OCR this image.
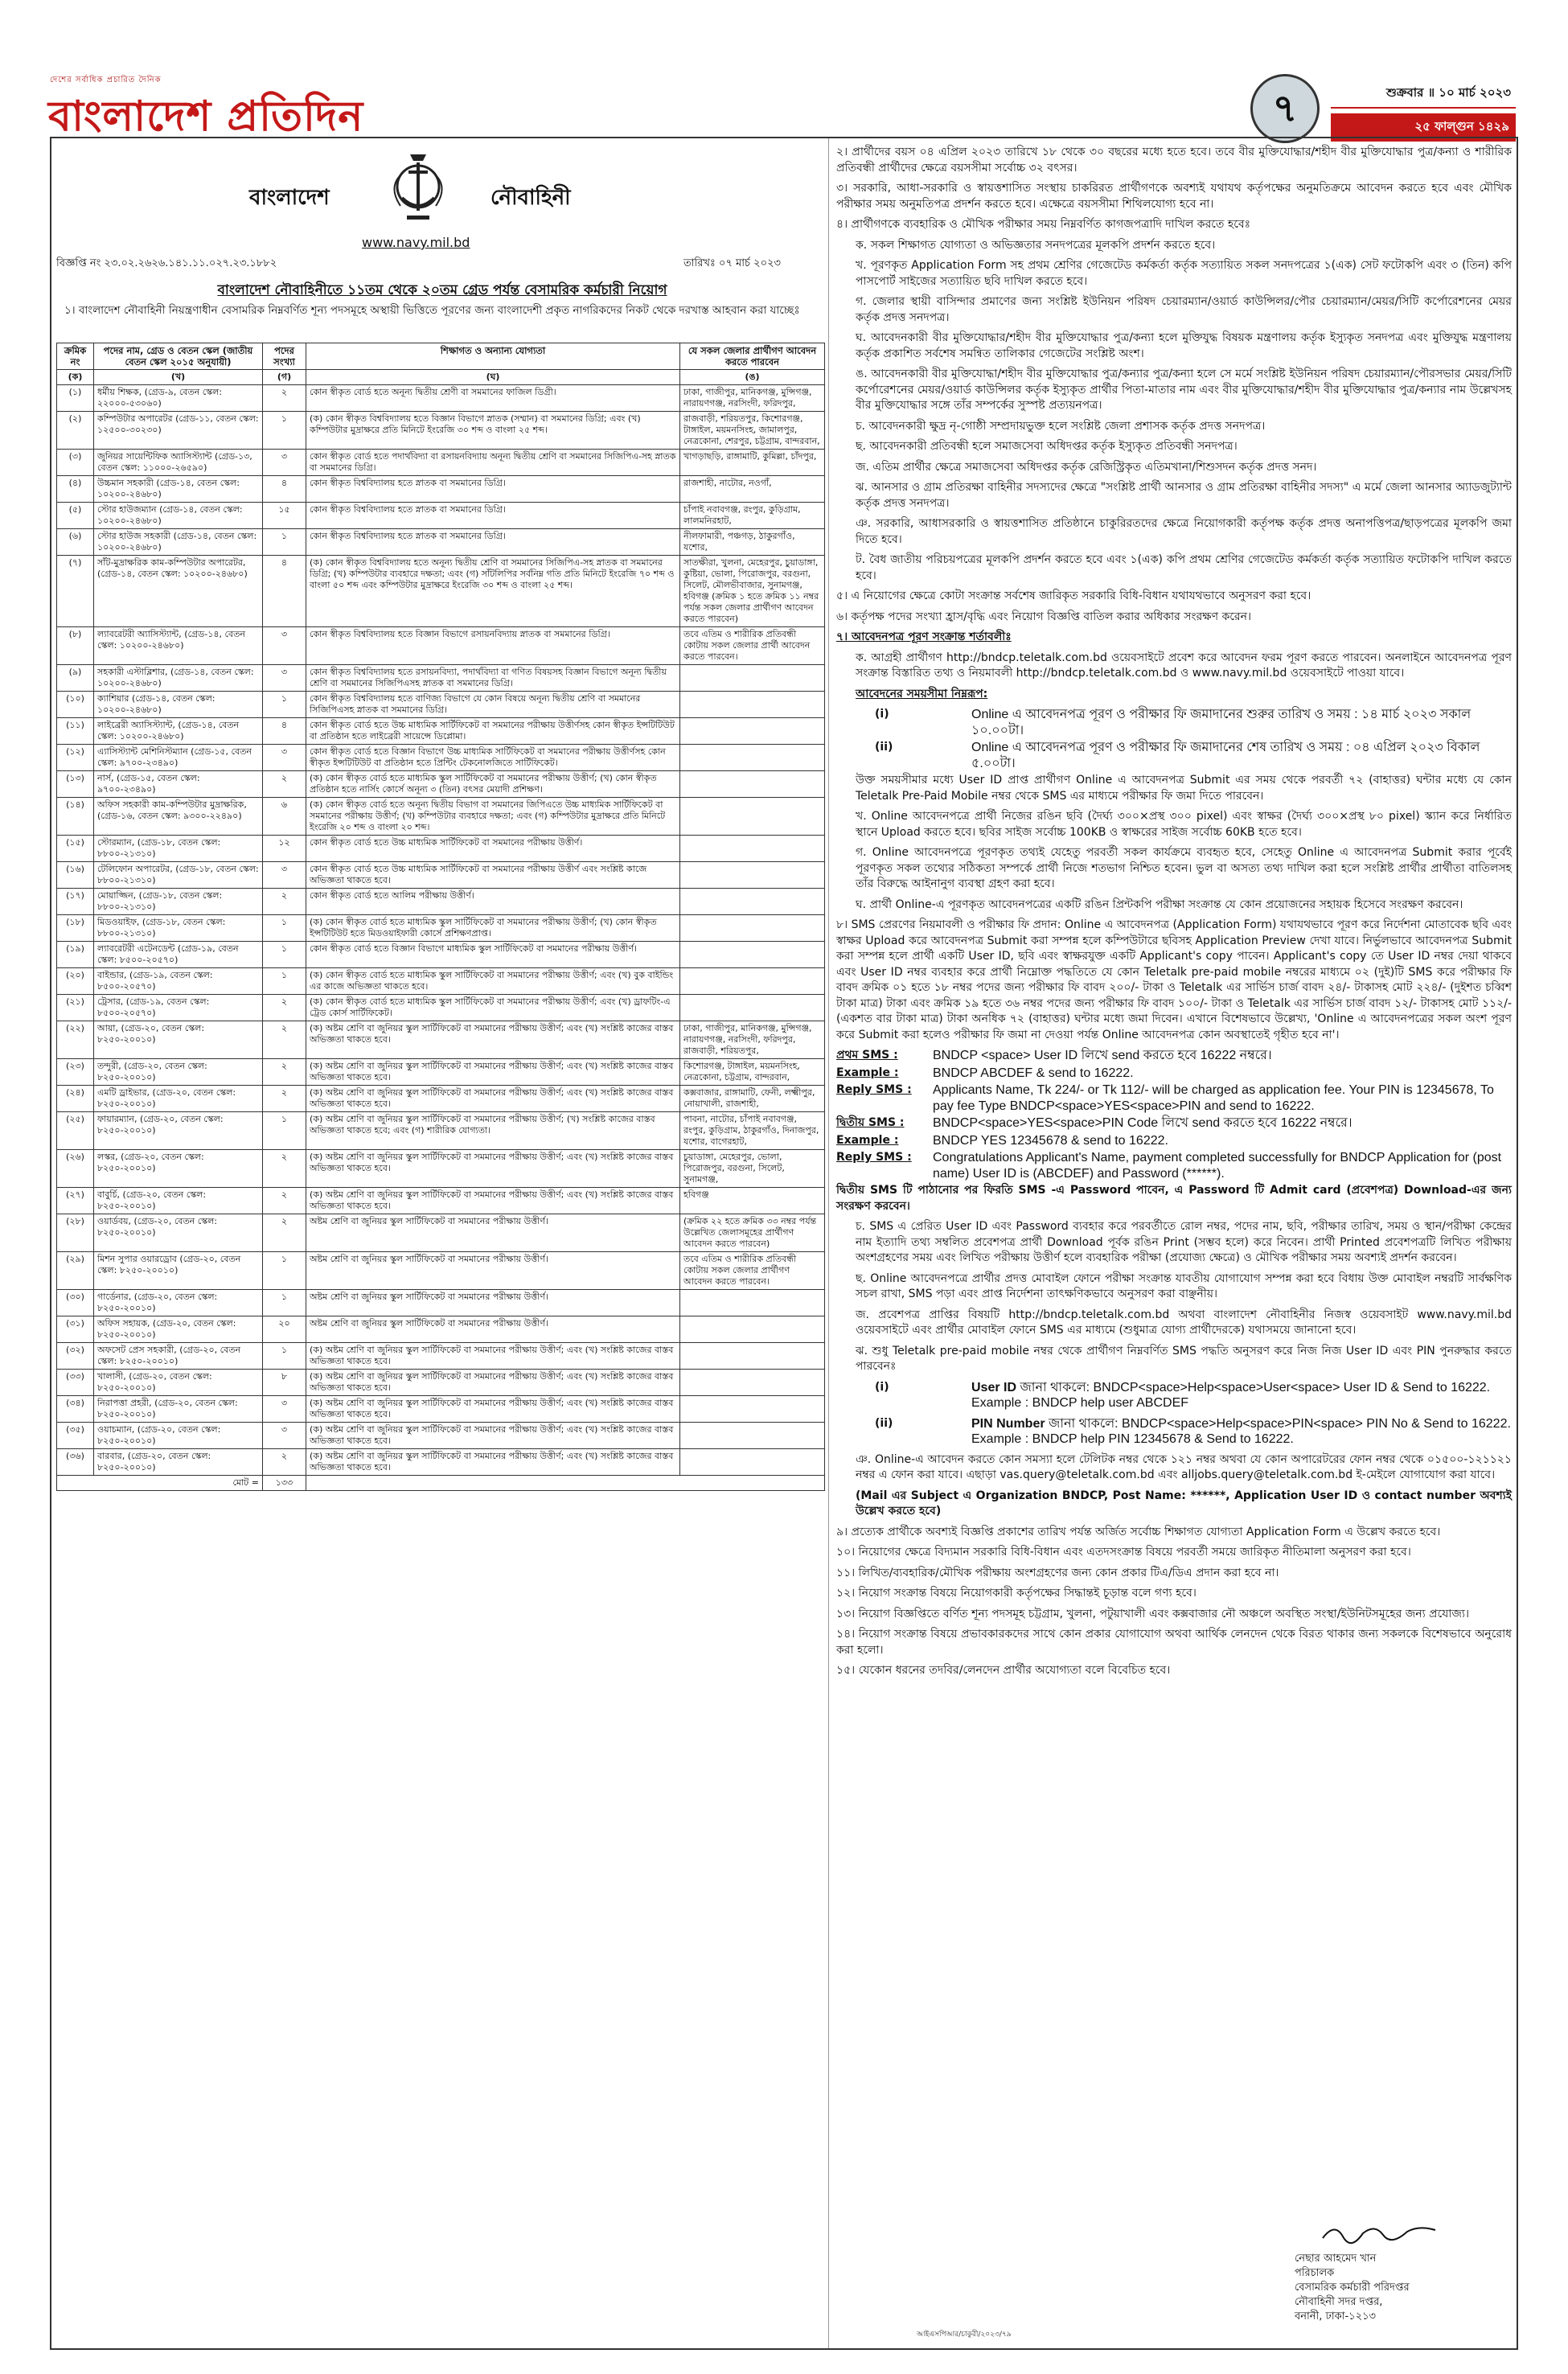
দেশের সর্বাধিক প্রচারিত দৈনিক
বাংলাদেশ প্রতিদিন	৭	শুক্রবার ॥ ১০ মার্চ ২০২৩
২৫ ফাল্গুন ১৪২৯
বাংলাদেশ	নৌবাহিনী
www.navy.mil.bd
বিজ্ঞপ্তি নং ২৩.০২.২৬২৬.১৪১.১১.০২৭.২৩.১৮৮২	তারিখঃ ০৭ মার্চ ২০২৩
বাংলাদেশ নৌবাহিনীতে ১১তম থেকে ২০তম গ্রেড পর্যন্ত বেসামরিক কর্মচারী নিয়োগ
১। বাংলাদেশ নৌবাহিনী নিয়ন্ত্রণাধীন বেসামরিক নিম্নবর্ণিত শূন্য পদসমূহে অস্থায়ী ভিত্তিতে পূরণের জন্য বাংলাদেশী প্রকৃত নাগরিকদের নিকট থেকে দরখাস্ত আহবান করা যাচ্ছেঃ
ক্রমিক নং	পদের নাম, গ্রেড ও বেতন স্কেল (জাতীয় বেতন স্কেল ২০১৫ অনুযায়ী)	পদের সংখ্যা	শিক্ষাগত ও অন্যান্য যোগ্যতা	যে সকল জেলার প্রার্থীগণ আবেদন করতে পারবেন
(ক)	(খ)	(গ)	(ঘ)	(ঙ)
(১)	ধর্মীয় শিক্ষক, (গ্রেড-৯, বেতন স্কেল: ২২০০০-৫৩০৬০)	২	কোন স্বীকৃত বোর্ড হতে অনূন্য দ্বিতীয় শ্রেণী বা সমমানের ফাজিল ডিগ্রী।	ঢাকা, গাজীপুর, মানিকগঞ্জ, মুন্সিগঞ্জ, নারায়ণগঞ্জ, নরসিংদী, ফরিদপুর,
(২)	কম্পিউটার অপারেটর (গ্রেড-১১, বেতন স্কেল: ১২৫০০-৩০২৩০)	১	(ক) কোন স্বীকৃত বিশ্ববিদ্যালয় হতে বিজ্ঞান বিভাগে স্নাতক (সম্মান) বা সমমানের ডিগ্রি; এবং (খ) কম্পিউটার মুদ্রাক্ষরে প্রতি মিনিটে ইংরেজি ৩০ শব্দ ও বাংলা ২৫ শব্দ।	রাজবাড়ী, শরিয়তপুর, কিশোরগঞ্জ, টাঙ্গাইল, ময়মনসিংহ, জামালপুর, নেত্রকোনা, শেরপুর, চট্টগ্রাম, বান্দরবান,
(৩)	জুনিয়র সায়েন্টিফিক অ্যাসিস্ট্যান্ট (গ্রেড-১৩, বেতন স্কেল: ১১০০০-২৬৫৯০)	৩	কোন স্বীকৃত বোর্ড হতে পদার্থবিদ্যা বা রসায়নবিদ্যায় অনূন্য দ্বিতীয় শ্রেণি বা সমমানের সিজিপিএ-সহ স্নাতক বা সমমানের ডিগ্রি।	খাগড়াছড়ি, রাঙ্গামাটি, কুমিল্লা, চাঁদপুর,
(৪)	উচ্চমান সহকারী (গ্রেড-১৪, বেতন স্কেল: ১০২০০-২৪৬৮০)	৪	কোন স্বীকৃত বিশ্ববিদ্যালয় হতে স্নাতক বা সমমানের ডিগ্রি।	রাজশাহী, নাটোর, নওগাঁ,
(৫)	স্টোর হাউজম্যান (গ্রেড-১৪, বেতন স্কেল: ১০২০০-২৪৬৮০)	১৫	কোন স্বীকৃত বিশ্ববিদ্যালয় হতে স্নাতক বা সমমানের ডিগ্রি।	চাঁপাই নবাবগঞ্জ, রংপুর, কুড়িগ্রাম, লালমনিরহাট,
(৬)	স্টোর হাউজ সহকারী (গ্রেড-১৪, বেতন স্কেল: ১০২০০-২৪৬৮০)	১	কোন স্বীকৃত বিশ্ববিদ্যালয় হতে স্নাতক বা সমমানের ডিগ্রি।	নীলফামারী, পঞ্চগড়, ঠাকুরগাঁও, যশোর,
(৭)	সাঁট-মুদ্রাক্ষরিক কাম-কম্পিউটার অপারেটর, (গ্রেড-১৪, বেতন স্কেল: ১০২০০-২৪৬৮০)	৪	(ক) কোন স্বীকৃত বিশ্ববিদ্যালয় হতে অনূন্য দ্বিতীয় শ্রেণি বা সমমানের সিজিপিএ-সহ স্নাতক বা সমমানের ডিগ্রি; (খ) কম্পিউটার ব্যবহারে দক্ষতা; এবং (গ) সাঁটলিপির সর্বনিম্ন গতি প্রতি মিনিটে ইংরেজি ৭০ শব্দ ও বাংলা ৫০ শব্দ এবং কম্পিউটার মুদ্রাক্ষরে ইংরেজি ৩০ শব্দ ও বাংলা ২৫ শব্দ।	সাতক্ষীরা, খুলনা, মেহেরপুর, চুয়াডাঙ্গা, কুষ্টিয়া, ভোলা, পিরোজপুর, বরগুনা, সিলেট, মৌলভীবাজার, সুনামগঞ্জ, হবিগঞ্জ (ক্রমিক ১ হতে ক্রমিক ১১ নম্বর পর্যন্ত সকল জেলার প্রার্থীগণ আবেদন করতে পারবেন)
(৮)	ল্যাবরেটরী অ্যাসিস্ট্যান্ট, (গ্রেড-১৪, বেতন স্কেল: ১০২০০-২৪৬৮০)	৩	কোন স্বীকৃত বিশ্ববিদ্যালয় হতে বিজ্ঞান বিভাগে রসায়নবিদ্যায় স্নাতক বা সমমানের ডিগ্রি।	তবে এতিম ও শারীরিক প্রতিবন্ধী কোটায় সকল জেলার প্রার্থী আবেদন করতে পারবেন।
(৯)	সহকারী এস্টাব্লিশার, (গ্রেড-১৪, বেতন স্কেল: ১০২০০-২৪৬৮০)	৩	কোন স্বীকৃত বিশ্ববিদ্যালয় হতে রসায়নবিদ্যা, পদার্থবিদ্যা বা গণিত বিষয়সহ বিজ্ঞান বিভাগে অনূন্য দ্বিতীয় শ্রেণি বা সমমানের সিজিপিএসহ স্নাতক বা সমমানের ডিগ্রি।	
(১০)	ক্যাশিয়ার (গ্রেড-১৪, বেতন স্কেল: ১০২০০-২৪৬৮০)	১	কোন স্বীকৃত বিশ্ববিদ্যালয় হতে বাণিজ্য বিভাগে যে কোন বিষয়ে অনূন্য দ্বিতীয় শ্রেণি বা সমমানের সিজিপিএসহ স্নাতক বা সমমানের ডিগ্রি।	
(১১)	লাইব্রেরী অ্যাসিস্ট্যান্ট, (গ্রেড-১৪, বেতন স্কেল: ১০২০০-২৪৬৮০)	৪	কোন স্বীকৃত বোর্ড হতে উচ্চ মাধ্যমিক সার্টিফিকেট বা সমমানের পরীক্ষায় উত্তীর্ণসহ কোন স্বীকৃত ইন্সটিটিউট বা প্রতিষ্ঠান হতে লাইব্রেরী সায়েন্সে ডিপ্লোমা।	
(১২)	এ্যাসিস্ট্যান্ট মেশিনিস্টম্যান (গ্রেড-১৫, বেতন স্কেল: ৯৭০০-২৩৪৯০)	৩	কোন স্বীকৃত বোর্ড হতে বিজ্ঞান বিভাগে উচ্চ মাধ্যমিক সার্টিফিকেট বা সমমানের পরীক্ষায় উত্তীর্ণসহ কোন স্বীকৃত ইন্সটিটিউট বা প্রতিষ্ঠান হতে প্রিন্টিং টেকনোলজিতে সার্টিফিকেট।	
(১৩)	নার্স, (গ্রেড-১৫, বেতন স্কেল: ৯৭০০-২৩৪৯০)	২	(ক) কোন স্বীকৃত বোর্ড হতে মাধ্যমিক স্কুল সার্টিফিকেট বা সমমানের পরীক্ষায় উত্তীর্ণ; (খ) কোন স্বীকৃত প্রতিষ্ঠান হতে নার্সিং কোর্সে অনূন্য ৩ (তিন) বৎসর মেয়াদী প্রশিক্ষণ।	
(১৪)	অফিস সহকারী কাম-কম্পিউটার মুদ্রাক্ষরিক, (গ্রেড-১৬, বেতন স্কেল: ৯৩০০-২২৪৯০)	৬	(ক) কোন স্বীকৃত বোর্ড হতে অনূন্য দ্বিতীয় বিভাগ বা সমমানের জিপিএতে উচ্চ মাধ্যমিক সার্টিফিকেট বা সমমানের পরীক্ষায় উত্তীর্ণ; (খ) কম্পিউটার ব্যবহারে দক্ষতা; এবং (গ) কম্পিউটার মুদ্রাক্ষরে প্রতি মিনিটে ইংরেজি ২০ শব্দ ও বাংলা ২০ শব্দ।	
(১৫)	স্টোরম্যান, (গ্রেড-১৮, বেতন স্কেল: ৮৮০০-২১৩১০)	১২	কোন স্বীকৃত বোর্ড হতে উচ্চ মাধ্যমিক সার্টিফিকেট বা সমমানের পরীক্ষায় উত্তীর্ণ।	
(১৬)	টেলিফোন অপারেটর, (গ্রেড-১৮, বেতন স্কেল: ৮৮০০-২১৩১০)	৩	কোন স্বীকৃত বোর্ড হতে উচ্চ মাধ্যমিক সার্টিফিকেট বা সমমানের পরীক্ষায় উত্তীর্ণ এবং সংশ্লিষ্ট কাজে অভিজ্ঞতা থাকতে হবে।	
(১৭)	মোয়াজ্জিন, (গ্রেড-১৮, বেতন স্কেল: ৮৮০০-২১৩১০)	২	কোন স্বীকৃত বোর্ড হতে আলিম পরীক্ষায় উত্তীর্ণ।	
(১৮)	মিডওয়াইফ, (গ্রেড-১৮, বেতন স্কেল: ৮৮০০-২১৩১০)	১	(ক) কোন স্বীকৃত বোর্ড হতে মাধ্যমিক স্কুল সার্টিফিকেট বা সমমানের পরীক্ষায় উত্তীর্ণ; (খ) কোন স্বীকৃত ইন্সটিটিউট হতে মিডওয়াইফারী কোর্সে প্রশিক্ষণপ্রাপ্ত।	
(১৯)	ল্যাবরেটরী এটেনডেন্ট (গ্রেড-১৯, বেতন স্কেল: ৮৫০০-২০৫৭০)	১	কোন স্বীকৃত বোর্ড হতে বিজ্ঞান বিভাগে মাধ্যমিক স্কুল সার্টিফিকেট বা সমমানের পরীক্ষায় উত্তীর্ণ।	
(২০)	বাইন্ডার, (গ্রেড-১৯, বেতন স্কেল: ৮৫০০-২০৫৭০)	১	(ক) কোন স্বীকৃত বোর্ড হতে মাধ্যমিক স্কুল সার্টিফিকেট বা সমমানের পরীক্ষায় উত্তীর্ণ; এবং (খ) বুক বাইন্ডিং এর কাজে অভিজ্ঞতা থাকতে হবে।	
(২১)	ট্রেসার, (গ্রেড-১৯, বেতন স্কেল: ৮৫০০-২০৫৭০)	২	(ক) কোন স্বীকৃত বোর্ড হতে মাধ্যমিক স্কুল সার্টিফিকেট বা সমমানের পরীক্ষায় উত্তীর্ণ; এবং (খ) ড্রাফটিং-এ ট্রেড কোর্স সার্টিফিকেট।	
(২২)	আয়া, (গ্রেড-২০, বেতন স্কেল: ৮২৫০-২০০১০)	২	(ক) অষ্টম শ্রেণি বা জুনিয়র স্কুল সার্টিফিকেট বা সমমানের পরীক্ষায় উত্তীর্ণ; এবং (খ) সংশ্লিষ্ট কাজের বাস্তব অভিজ্ঞতা থাকতে হবে।	ঢাকা, গাজীপুর, মানিকগঞ্জ, মুন্সিগঞ্জ, নারায়ণগঞ্জ, নরসিংদী, ফরিদপুর, রাজবাড়ী, শরিয়তপুর,
(২৩)	তন্দুরী, (গ্রেড-২০, বেতন স্কেল: ৮২৫০-২০০১০)	২	(ক) অষ্টম শ্রেণি বা জুনিয়র স্কুল সার্টিফিকেট বা সমমানের পরীক্ষায় উত্তীর্ণ; এবং (খ) সংশ্লিষ্ট কাজের বাস্তব অভিজ্ঞতা থাকতে হবে।	কিশোরগঞ্জ, টাঙ্গাইল, ময়মনসিংহ, নেত্রকোনা, চট্টগ্রাম, বান্দরবান,
(২৪)	এমটি ড্রাইভার, (গ্রেড-২০, বেতন স্কেল: ৮২৫০-২০০১০)	২	(ক) অষ্টম শ্রেণি বা জুনিয়র স্কুল সার্টিফিকেট বা সমমানের পরীক্ষায় উত্তীর্ণ; এবং (খ) সংশ্লিষ্ট কাজের বাস্তব অভিজ্ঞতা থাকতে হবে।	কক্সবাজার, রাঙ্গামাটি, ফেনী, লক্ষ্মীপুর, নোয়াখালী, রাজশাহী,
(২৫)	ফায়ারম্যান, (গ্রেড-২০, বেতন স্কেল: ৮২৫০-২০০১০)	১	(ক) অষ্টম শ্রেণি বা জুনিয়র স্কুল সার্টিফিকেট বা সমমানের পরীক্ষায় উত্তীর্ণ; (খ) সংশ্লিষ্ট কাজের বাস্তব অভিজ্ঞতা থাকতে হবে; এবং (গ) শারীরিক যোগ্যতা।	পাবনা, নাটোর, চাঁপাই নবাবগঞ্জ, রংপুর, কুড়িগ্রাম, ঠাকুরগাঁও, দিনাজপুর, যশোর, বাগেরহাট,
(২৬)	লস্কর, (গ্রেড-২০, বেতন স্কেল: ৮২৫০-২০০১০)	২	(ক) অষ্টম শ্রেণি বা জুনিয়র স্কুল সার্টিফিকেট বা সমমানের পরীক্ষায় উত্তীর্ণ; এবং (খ) সংশ্লিষ্ট কাজের বাস্তব অভিজ্ঞতা থাকতে হবে।	চুয়াডাঙ্গা, মেহেরপুর, ভোলা, পিরোজপুর, বরগুনা, সিলেট, সুনামগঞ্জ,
(২৭)	বাবুর্চি, (গ্রেড-২০, বেতন স্কেল: ৮২৫০-২০০১০)	২	(ক) অষ্টম শ্রেণি বা জুনিয়র স্কুল সার্টিফিকেট বা সমমানের পরীক্ষায় উত্তীর্ণ; এবং (খ) সংশ্লিষ্ট কাজের বাস্তব অভিজ্ঞতা থাকতে হবে।	হবিগঞ্জ
(২৮)	ওয়ার্ডবয়, (গ্রেড-২০, বেতন স্কেল: ৮২৫০-২০০১০)	২	অষ্টম শ্রেণি বা জুনিয়র স্কুল সার্টিফিকেট বা সমমানের পরীক্ষায় উত্তীর্ণ।	(ক্রমিক ২২ হতে ক্রমিক ৩৩ নম্বর পর্যন্ত উল্লেখিত জেলাসমূহের প্রার্থীগণ আবেদন করতে পারবেন)
(২৯)	মিশন সুপার ওয়ারড্রোব (গ্রেড-২০, বেতন স্কেল: ৮২৫০-২০০১০)	১	অষ্টম শ্রেণি বা জুনিয়র স্কুল সার্টিফিকেট বা সমমানের পরীক্ষায় উত্তীর্ণ।	তবে এতিম ও শারীরিক প্রতিবন্ধী কোটায় সকল জেলার প্রার্থীগণ আবেদন করতে পারবেন।
(৩০)	গার্ডেনার, (গ্রেড-২০, বেতন স্কেল: ৮২৫০-২০০১০)	১	অষ্টম শ্রেণি বা জুনিয়র স্কুল সার্টিফিকেট বা সমমানের পরীক্ষায় উত্তীর্ণ।	
(৩১)	অফিস সহায়ক, (গ্রেড-২০, বেতন স্কেল: ৮২৫০-২০০১০)	২০	অষ্টম শ্রেণি বা জুনিয়র স্কুল সার্টিফিকেট বা সমমানের পরীক্ষায় উত্তীর্ণ।	
(৩২)	অফসেট প্রেস সহকারী, (গ্রেড-২০, বেতন স্কেল: ৮২৫০-২০০১০)	১	(ক) অষ্টম শ্রেণি বা জুনিয়র স্কুল সার্টিফিকেট বা সমমানের পরীক্ষায় উত্তীর্ণ; এবং (খ) সংশ্লিষ্ট কাজের বাস্তব অভিজ্ঞতা থাকতে হবে।	
(৩৩)	খালাসী, (গ্রেড-২০, বেতন স্কেল: ৮২৫০-২০০১০)	৮	(ক) অষ্টম শ্রেণি বা জুনিয়র স্কুল সার্টিফিকেট বা সমমানের পরীক্ষায় উত্তীর্ণ; এবং (খ) সংশ্লিষ্ট কাজের বাস্তব অভিজ্ঞতা থাকতে হবে।	
(৩৪)	নিরাপত্তা প্রহরী, (গ্রেড-২০, বেতন স্কেল: ৮২৫০-২০০১০)	৩	(ক) অষ্টম শ্রেণি বা জুনিয়র স্কুল সার্টিফিকেট বা সমমানের পরীক্ষায় উত্তীর্ণ; এবং (খ) সংশ্লিষ্ট কাজের বাস্তব অভিজ্ঞতা থাকতে হবে।	
(৩৫)	ওয়াচম্যান, (গ্রেড-২০, বেতন স্কেল: ৮২৫০-২০০১০)	৩	(ক) অষ্টম শ্রেণি বা জুনিয়র স্কুল সার্টিফিকেট বা সমমানের পরীক্ষায় উত্তীর্ণ; এবং (খ) সংশ্লিষ্ট কাজের বাস্তব অভিজ্ঞতা থাকতে হবে।	
(৩৬)	বারবার, (গ্রেড-২০, বেতন স্কেল: ৮২৫০-২০০১০)	২	(ক) অষ্টম শ্রেণি বা জুনিয়র স্কুল সার্টিফিকেট বা সমমানের পরীক্ষায় উত্তীর্ণ; এবং (খ) সংশ্লিষ্ট কাজের বাস্তব অভিজ্ঞতা থাকতে হবে।	
মোট =		১৩৩		

২। প্রার্থীদের বয়স ০৪ এপ্রিল ২০২৩ তারিখে ১৮ থেকে ৩০ বছরের মধ্যে হতে হবে। তবে বীর মুক্তিযোদ্ধার/শহীদ বীর মুক্তিযোদ্ধার পুত্র/কন্যা ও শারীরিক প্রতিবন্ধী প্রার্থীদের ক্ষেত্রে বয়সসীমা সর্বোচ্চ ৩২ বৎসর।

৩। সরকারি, আধা-সরকারি ও স্বায়ত্তশাসিত সংস্থায় চাকরিরত প্রার্থীগণকে অবশ্যই যথাযথ কর্তৃপক্ষের অনুমতিক্রমে আবেদন করতে হবে এবং মৌখিক পরীক্ষার সময় অনুমতিপত্র প্রদর্শন করতে হবে। এক্ষেত্রে বয়সসীমা শিথিলযোগ্য হবে না।

৪। প্রার্থীগণকে ব্যবহারিক ও মৌখিক পরীক্ষার সময় নিম্নবর্ণিত কাগজপত্রাদি দাখিল করতে হবেঃ

ক. সকল শিক্ষাগত যোগ্যতা ও অভিজ্ঞতার সনদপত্রের মূলকপি প্রদর্শন করতে হবে।

খ. পূরণকৃত Application Form সহ প্রথম শ্রেণির গেজেটেড কর্মকর্তা কর্তৃক সত্যায়িত সকল সনদপত্রের ১(এক) সেট ফটোকপি এবং ৩ (তিন) কপি পাসপোর্ট সাইজের সত্যায়িত ছবি দাখিল করতে হবে।

গ. জেলার স্থায়ী বাসিন্দার প্রমাণের জন্য সংশ্লিষ্ট ইউনিয়ন পরিষদ চেয়ারম্যান/ওয়ার্ড কাউন্সিলর/পৌর চেয়ারম্যান/মেয়র/সিটি কর্পোরেশনের মেয়র কর্তৃক প্রদত্ত সনদপত্র।

ঘ. আবেদনকারী বীর মুক্তিযোদ্ধার/শহীদ বীর মুক্তিযোদ্ধার পুত্র/কন্যা হলে মুক্তিযুদ্ধ বিষয়ক মন্ত্রণালয় কর্তৃক ইস্যুকৃত সনদপত্র এবং মুক্তিযুদ্ধ মন্ত্রণালয় কর্তৃক প্রকাশিত সর্বশেষ সমন্বিত তালিকার গেজেটের সংশ্লিষ্ট অংশ।

ঙ. আবেদনকারী বীর মুক্তিযোদ্ধা/শহীদ বীর মুক্তিযোদ্ধার পুত্র/কন্যার পুত্র/কন্যা হলে সে মর্মে সংশ্লিষ্ট ইউনিয়ন পরিষদ চেয়ারম্যান/পৌরসভার মেয়র/সিটি কর্পোরেশনের মেয়র/ওয়ার্ড কাউন্সিলর কর্তৃক ইস্যুকৃত প্রার্থীর পিতা-মাতার নাম এবং বীর মুক্তিযোদ্ধার/শহীদ বীর মুক্তিযোদ্ধার পুত্র/কন্যার নাম উল্লেখসহ বীর মুক্তিযোদ্ধার সঙ্গে তাঁর সম্পর্কের সুস্পষ্ট প্রত্যয়নপত্র।

চ. আবেদনকারী ক্ষুদ্র নৃ-গোষ্ঠী সম্প্রদায়ভুক্ত হলে সংশ্লিষ্ট জেলা প্রশাসক কর্তৃক প্রদত্ত সনদপত্র।

ছ. আবেদনকারী প্রতিবন্ধী হলে সমাজসেবা অধিদপ্তর কর্তৃক ইস্যুকৃত প্রতিবন্ধী সনদপত্র।

জ. এতিম প্রার্থীর ক্ষেত্রে সমাজসেবা অধিদপ্তর কর্তৃক রেজিস্ট্রিকৃত এতিমখানা/শিশুসদন কর্তৃক প্রদত্ত সনদ।

ঝ. আনসার ও গ্রাম প্রতিরক্ষা বাহিনীর সদস্যদের ক্ষেত্রে "সংশ্লিষ্ট প্রার্থী আনসার ও গ্রাম প্রতিরক্ষা বাহিনীর সদস্য" এ মর্মে জেলা আনসার অ্যাডজুট্যান্ট কর্তৃক প্রদত্ত সনদপত্র।

ঞ. সরকারি, আধাসরকারি ও স্বায়ত্তশাসিত প্রতিষ্ঠানে চাকুরিরতদের ক্ষেত্রে নিয়োগকারী কর্তৃপক্ষ কর্তৃক প্রদত্ত অনাপত্তিপত্র/ছাড়পত্রের মূলকপি জমা দিতে হবে।

ট. বৈধ জাতীয় পরিচয়পত্রের মূলকপি প্রদর্শন করতে হবে এবং ১(এক) কপি প্রথম শ্রেণির গেজেটেড কর্মকর্তা কর্তৃক সত্যায়িত ফটোকপি দাখিল করতে হবে।

৫। এ নিয়োগের ক্ষেত্রে কোটা সংক্রান্ত সর্বশেষ জারিকৃত সরকারি বিধি-বিধান যথাযথভাবে অনুসরণ করা হবে।

৬। কর্তৃপক্ষ পদের সংখ্যা হ্রাস/বৃদ্ধি এবং নিয়োগ বিজ্ঞপ্তি বাতিল করার অধিকার সংরক্ষণ করেন।

৭। আবেদনপত্র পূরণ সংক্রান্ত শর্তাবলীঃ

ক. আগ্রহী প্রার্থীগণ http://bndcp.teletalk.com.bd ওয়েবসাইটে প্রবেশ করে আবেদন ফরম পূরণ করতে পারবেন। অনলাইনে আবেদনপত্র পূরণ সংক্রান্ত বিস্তারিত তথ্য ও নিয়মাবলী http://bndcp.teletalk.com.bd ও www.navy.mil.bd ওয়েবসাইটে পাওয়া যাবে।

আবেদনের সময়সীমা নিম্নরূপ:

(i)	Online এ আবেদনপত্র পূরণ ও পরীক্ষার ফি জমাদানের শুরুর তারিখ ও সময় : ১৪ মার্চ ২০২৩ সকাল ১০.০০টা।
(ii)	Online এ আবেদনপত্র পূরণ ও পরীক্ষার ফি জমাদানের শেষ তারিখ ও সময় : ০৪ এপ্রিল ২০২৩ বিকাল ৫.০০টা।

উক্ত সময়সীমার মধ্যে User ID প্রাপ্ত প্রার্থীগণ Online এ আবেদনপত্র Submit এর সময় থেকে পরবর্তী ৭২ (বাহাত্তর) ঘন্টার মধ্যে যে কোন Teletalk Pre-Paid Mobile নম্বর থেকে SMS এর মাধ্যমে পরীক্ষার ফি জমা দিতে পারবেন।

খ. Online আবেদনপত্রে প্রার্থী নিজের রঙিন ছবি (দৈর্ঘ্য ৩০০×প্রস্থ ৩০০ pixel) এবং স্বাক্ষর (দৈর্ঘ্য ৩০০×প্রস্থ ৮০ pixel) স্ক্যান করে নির্ধারিত স্থানে Upload করতে হবে। ছবির সাইজ সর্বোচ্চ 100KB ও স্বাক্ষরের সাইজ সর্বোচ্চ 60KB হতে হবে।

গ. Online আবেদনপত্রে পূরণকৃত তথ্যই যেহেতু পরবর্তী সকল কার্যক্রমে ব্যবহৃত হবে, সেহেতু Online এ আবেদনপত্র Submit করার পূর্বেই পূরণকৃত সকল তথ্যের সঠিকতা সম্পর্কে প্রার্থী নিজে শতভাগ নিশ্চিত হবেন। ভুল বা অসত্য তথ্য দাখিল করা হলে সংশ্লিষ্ট প্রার্থীর প্রার্থীতা বাতিলসহ তাঁর বিরুদ্ধে আইনানুগ ব্যবস্থা গ্রহণ করা হবে।

ঘ. প্রার্থী Online-এ পূরণকৃত আবেদনপত্রের একটি রঙিন প্রিন্টকপি পরীক্ষা সংক্রান্ত যে কোন প্রয়োজনের সহায়ক হিসেবে সংরক্ষণ করবেন।

৮। SMS প্রেরণের নিয়মাবলী ও পরীক্ষার ফি প্রদান: Online এ আবেদনপত্র (Application Form) যথাযথভাবে পূরণ করে নির্দেশনা মোতাবেক ছবি এবং স্বাক্ষর Upload করে আবেদনপত্র Submit করা সম্পন্ন হলে কম্পিউটারে ছবিসহ Application Preview দেখা যাবে। নির্ভুলভাবে আবেদনপত্র Submit করা সম্পন্ন হলে প্রার্থী একটি User ID, ছবি এবং স্বাক্ষরযুক্ত একটি Applicant's copy পাবেন। Applicant's copy তে User ID নম্বর দেয়া থাকবে এবং User ID নম্বর ব্যবহার করে প্রার্থী নিম্নোক্ত পদ্ধতিতে যে কোন Teletalk pre-paid mobile নম্বরের মাধ্যমে ০২ (দুই)টি SMS করে পরীক্ষার ফি বাবদ ক্রমিক ০১ হতে ১৮ নম্বর পদের জন্য পরীক্ষার ফি বাবদ ২০০/- টাকা ও Teletalk এর সার্ভিস চার্জ বাবদ ২৪/- টাকাসহ মোট ২২৪/- (দুইশত চব্বিশ টাকা মাত্র) টাকা এবং ক্রমিক ১৯ হতে ৩৬ নম্বর পদের জন্য পরীক্ষার ফি বাবদ ১০০/- টাকা ও Teletalk এর সার্ভিস চার্জ বাবদ ১২/- টাকাসহ মোট ১১২/- (একশত বার টাকা মাত্র) টাকা অনধিক ৭২ (বাহাত্তর) ঘন্টার মধ্যে জমা দিবেন। এখানে বিশেষভাবে উল্লেখ্য, 'Online এ আবেদনপত্রের সকল অংশ পূরণ করে Submit করা হলেও পরীক্ষার ফি জমা না দেওয়া পর্যন্ত Online আবেদনপত্র কোন অবস্থাতেই গৃহীত হবে না'।

প্রথম SMS :	BNDCP <space> User ID লিখে send করতে হবে 16222 নম্বরে।
Example :	BNDCP ABCDEF & send to 16222.
Reply SMS :	Applicants Name, Tk 224/- or Tk 112/- will be charged as application fee. Your PIN is 12345678, To pay fee Type BNDCP<space>YES<space>PIN and send to 16222.
দ্বিতীয় SMS :	BNDCP<space>YES<space>PIN Code লিখে send করতে হবে 16222 নম্বরে।
Example :	BNDCP YES 12345678 & send to 16222.
Reply SMS :	Congratulations Applicant's Name, payment completed successfully for BNDCP Application for (post name) User ID is (ABCDEF) and Password (******).

দ্বিতীয় SMS টি পাঠানোর পর ফিরতি SMS -এ Password পাবেন, এ Password টি Admit card (প্রবেশপত্র) Download-এর জন্য সংরক্ষণ করবেন।

চ. SMS এ প্রেরিত User ID এবং Password ব্যবহার করে পরবর্তীতে রোল নম্বর, পদের নাম, ছবি, পরীক্ষার তারিখ, সময় ও স্থান/পরীক্ষা কেন্দ্রের নাম ইত্যাদি তথ্য সম্বলিত প্রবেশপত্র প্রার্থী Download পূর্বক রঙিন Print (সম্ভব হলে) করে নিবেন। প্রার্থী Printed প্রবেশপত্রটি লিখিত পরীক্ষায় অংশগ্রহণের সময় এবং লিখিত পরীক্ষায় উত্তীর্ণ হলে ব্যবহারিক পরীক্ষা (প্রযোজ্য ক্ষেত্রে) ও মৌখিক পরীক্ষার সময় অবশ্যই প্রদর্শন করবেন।

ছ. Online আবেদনপত্রে প্রার্থীর প্রদত্ত মোবাইল ফোনে পরীক্ষা সংক্রান্ত যাবতীয় যোগাযোগ সম্পন্ন করা হবে বিধায় উক্ত মোবাইল নম্বরটি সার্বক্ষণিক সচল রাখা, SMS পড়া এবং প্রাপ্ত নির্দেশনা তাৎক্ষণিকভাবে অনুসরণ করা বাঞ্ছনীয়।

জ. প্রবেশপত্র প্রাপ্তির বিষয়টি http://bndcp.teletalk.com.bd অথবা বাংলাদেশ নৌবাহিনীর নিজস্ব ওয়েবসাইট www.navy.mil.bd ওয়েবসাইটে এবং প্রার্থীর মোবাইল ফোনে SMS এর মাধ্যমে (শুধুমাত্র যোগ্য প্রার্থীদেরকে) যথাসময়ে জানানো হবে।

ঝ. শুধু Teletalk pre-paid mobile নম্বর থেকে প্রার্থীগণ নিম্নবর্ণিত SMS পদ্ধতি অনুসরণ করে নিজ নিজ User ID এবং PIN পুনরুদ্ধার করতে পারবেনঃ

(i)	User ID জানা থাকলে: BNDCP<space>Help<space>User<space> User ID & Send to 16222.
Example : BNDCP help user ABCDEF
(ii)	PIN Number জানা থাকলে: BNDCP<space>Help<space>PIN<space> PIN No & Send to 16222.
Example : BNDCP help PIN 12345678 & Send to 16222.

ঞ. Online-এ আবেদন করতে কোন সমস্যা হলে টেলিটক নম্বর থেকে ১২১ নম্বর অথবা যে কোন অপারেটরের ফোন নম্বর থেকে ০১৫০০-১২১১২১ নম্বর এ ফোন করা যাবে। এছাড়া vas.query@teletalk.com.bd এবং alljobs.query@teletalk.com.bd ই-মেইলে যোগাযোগ করা যাবে।

(Mail এর Subject এ Organization BNDCP, Post Name: ******, Application User ID ও contact number অবশ্যই উল্লেখ করতে হবে)

৯। প্রত্যেক প্রার্থীকে অবশ্যই বিজ্ঞপ্তি প্রকাশের তারিখ পর্যন্ত অর্জিত সর্বোচ্চ শিক্ষাগত যোগ্যতা Application Form এ উল্লেখ করতে হবে।

১০। নিয়োগের ক্ষেত্রে বিদ্যমান সরকারি বিধি-বিধান এবং এতদসংক্রান্ত বিষয়ে পরবর্তী সময়ে জারিকৃত নীতিমালা অনুসরণ করা হবে।

১১। লিখিত/ব্যবহারিক/মৌখিক পরীক্ষায় অংশগ্রহণের জন্য কোন প্রকার টিএ/ডিএ প্রদান করা হবে না।

১২। নিয়োগ সংক্রান্ত বিষয়ে নিয়োগকারী কর্তৃপক্ষের সিদ্ধান্তই চূড়ান্ত বলে গণ্য হবে।

১৩। নিয়োগ বিজ্ঞপ্তিতে বর্ণিত শূন্য পদসমূহ চট্টগ্রাম, খুলনা, পটুয়াখালী এবং কক্সবাজার নৌ অঞ্চলে অবস্থিত সংস্থা/ইউনিটসমূহের জন্য প্রযোজ্য।

১৪। নিয়োগ সংক্রান্ত বিষয়ে প্রভাবকারকদের সাথে কোন প্রকার যোগাযোগ অথবা আর্থিক লেনদেন থেকে বিরত থাকার জন্য সকলকে বিশেষভাবে অনুরোধ করা হলো।

১৫। যেকোন ধরনের তদবির/লেনদেন প্রার্থীর অযোগ্যতা বলে বিবেচিত হবে।

নেছার আহমেদ খান
পরিচালক
বেসামরিক কর্মচারী পরিদপ্তর
নৌবাহিনী সদর দপ্তর,
বনানী, ঢাকা-১২১৩
আইএসপিআর/চাকুরী/২০২৩/৭৯
